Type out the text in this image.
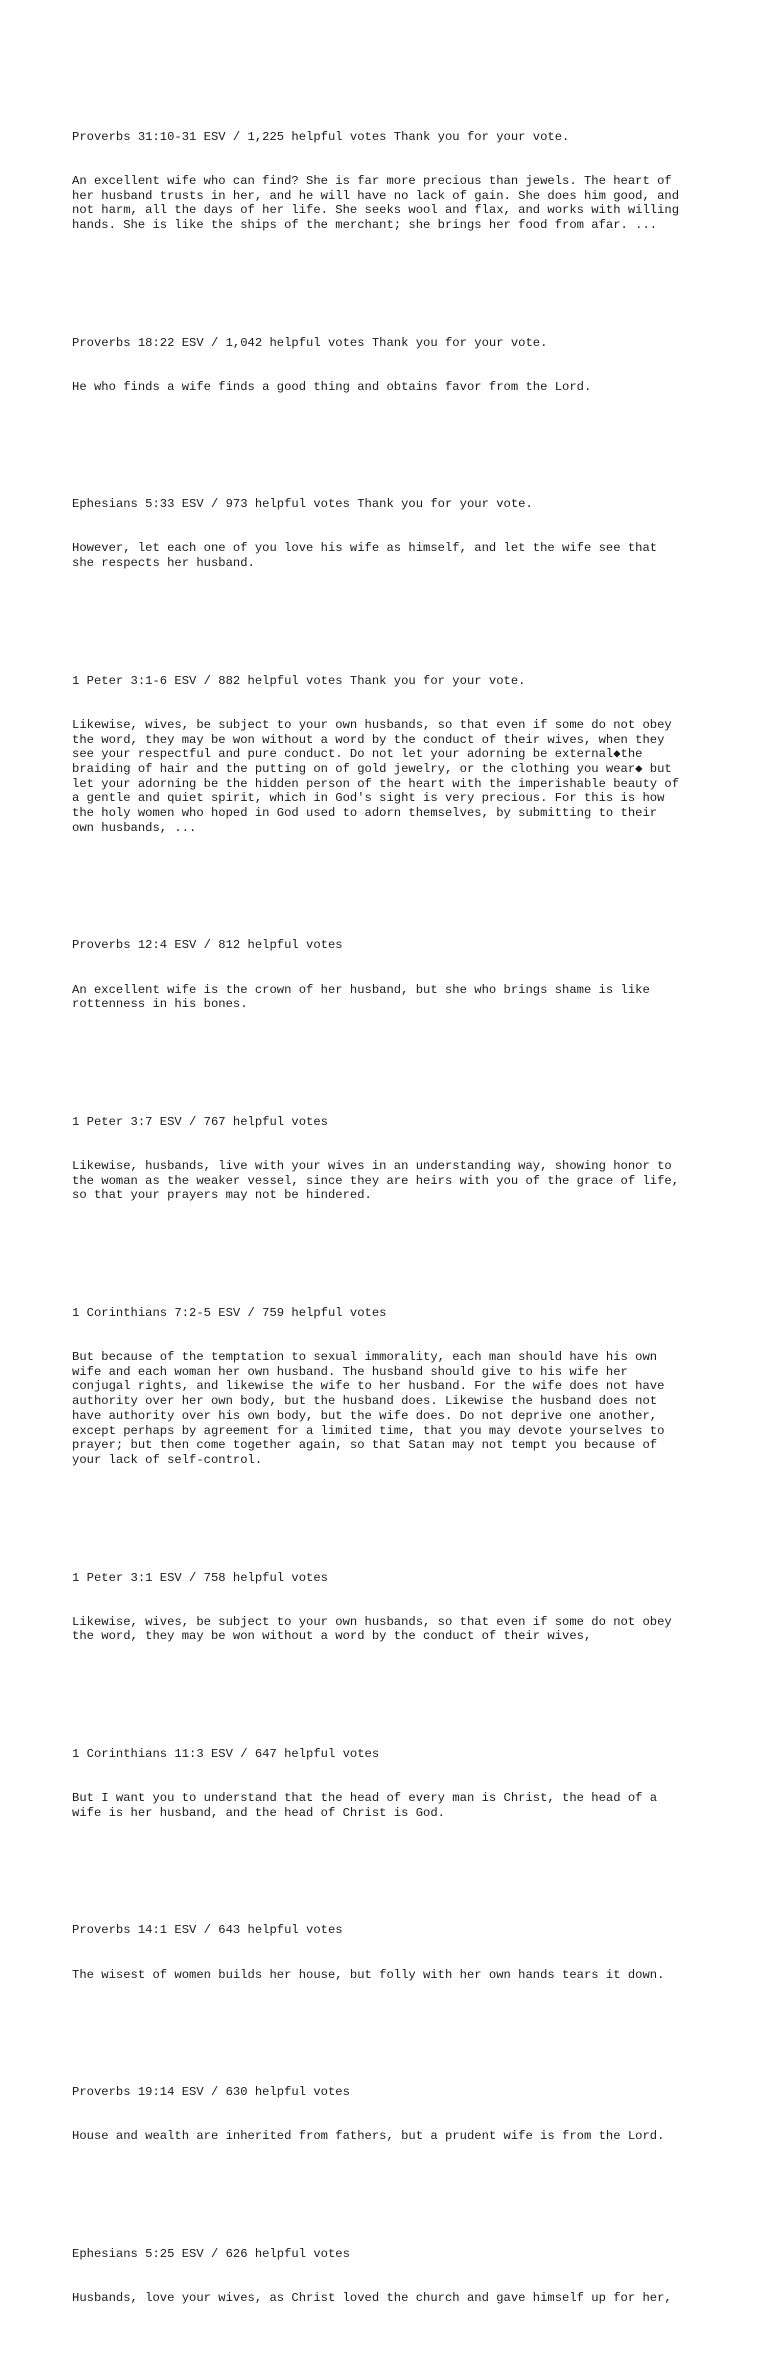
Proverbs 31:10-31 ESV / 1,225 helpful votes Thank you for your vote.

An excellent wife who can find? She is far more precious than jewels. The heart of
her husband trusts in her, and he will have no lack of gain. She does him good, and
not harm, all the days of her life. She seeks wool and flax, and works with willing
hands. She is like the ships of the merchant; she brings her food from afar. ...

Proverbs 18:22 ESV / 1,042 helpful votes Thank you for your vote.

He who finds a wife finds a good thing and obtains favor from the Lord.

Ephesians 5:33 ESV / 973 helpful votes Thank you for your vote.

However, let each one of you love his wife as himself, and let the wife see that
she respects her husband.

1 Peter 3:1-6 ESV / 882 helpful votes Thank you for your vote.

Likewise, wives, be subject to your own husbands, so that even if some do not obey
the word, they may be won without a word by the conduct of their wives, when they
see your respectful and pure conduct. Do not let your adorning be external◆the
braiding of hair and the putting on of gold jewelry, or the clothing you wear◆ but
let your adorning be the hidden person of the heart with the imperishable beauty of
a gentle and quiet spirit, which in God's sight is very precious. For this is how
the holy women who hoped in God used to adorn themselves, by submitting to their
own husbands, ...

Proverbs 12:4 ESV / 812 helpful votes

An excellent wife is the crown of her husband, but she who brings shame is like
rottenness in his bones.

1 Peter 3:7 ESV / 767 helpful votes

Likewise, husbands, live with your wives in an understanding way, showing honor to
the woman as the weaker vessel, since they are heirs with you of the grace of life,
so that your prayers may not be hindered.

1 Corinthians 7:2-5 ESV / 759 helpful votes

But because of the temptation to sexual immorality, each man should have his own
wife and each woman her own husband. The husband should give to his wife her
conjugal rights, and likewise the wife to her husband. For the wife does not have
authority over her own body, but the husband does. Likewise the husband does not
have authority over his own body, but the wife does. Do not deprive one another,
except perhaps by agreement for a limited time, that you may devote yourselves to
prayer; but then come together again, so that Satan may not tempt you because of
your lack of self-control.

1 Peter 3:1 ESV / 758 helpful votes

Likewise, wives, be subject to your own husbands, so that even if some do not obey
the word, they may be won without a word by the conduct of their wives,

1 Corinthians 11:3 ESV / 647 helpful votes

But I want you to understand that the head of every man is Christ, the head of a
wife is her husband, and the head of Christ is God.

Proverbs 14:1 ESV / 643 helpful votes

The wisest of women builds her house, but folly with her own hands tears it down.

Proverbs 19:14 ESV / 630 helpful votes

House and wealth are inherited from fathers, but a prudent wife is from the Lord.

Ephesians 5:25 ESV / 626 helpful votes

Husbands, love your wives, as Christ loved the church and gave himself up for her,
